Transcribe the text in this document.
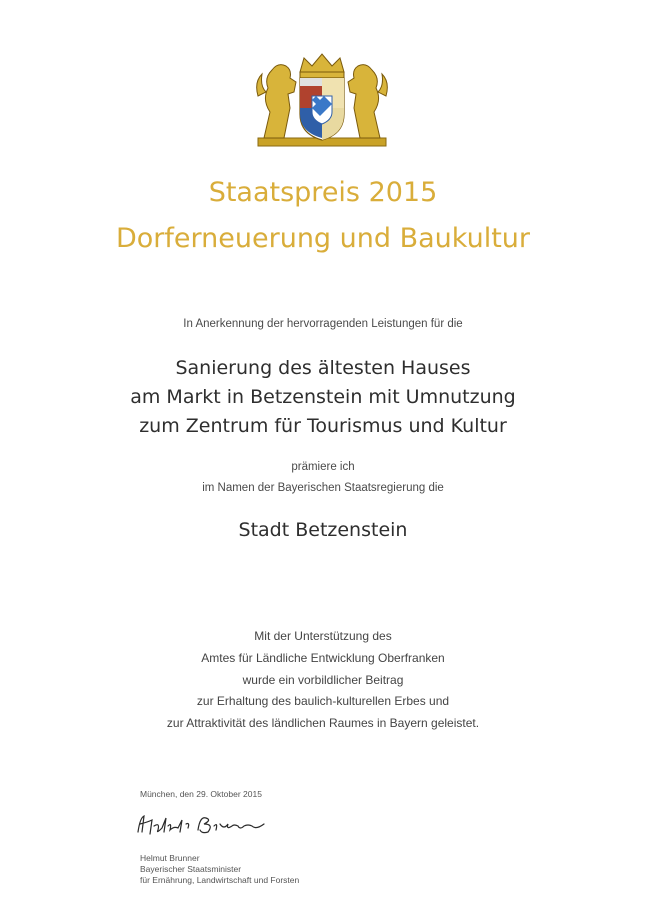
Staatspreis 2015
Dorferneuerung und Baukultur
In Anerkennung der hervorragenden Leistungen für die
Sanierung des ältesten Hauses
am Markt in Betzenstein mit Umnutzung
zum Zentrum für Tourismus und Kultur
prämiere ich
im Namen der Bayerischen Staatsregierung die
Stadt Betzenstein
Mit der Unterstützung des
Amtes für Ländliche Entwicklung Oberfranken
wurde ein vorbildlicher Beitrag
zur Erhaltung des baulich-kulturellen Erbes und
zur Attraktivität des ländlichen Raumes in Bayern geleistet.
München, den 29. Oktober 2015
Helmut Brunner
Bayerischer Staatsminister
für Ernährung, Landwirtschaft und Forsten
